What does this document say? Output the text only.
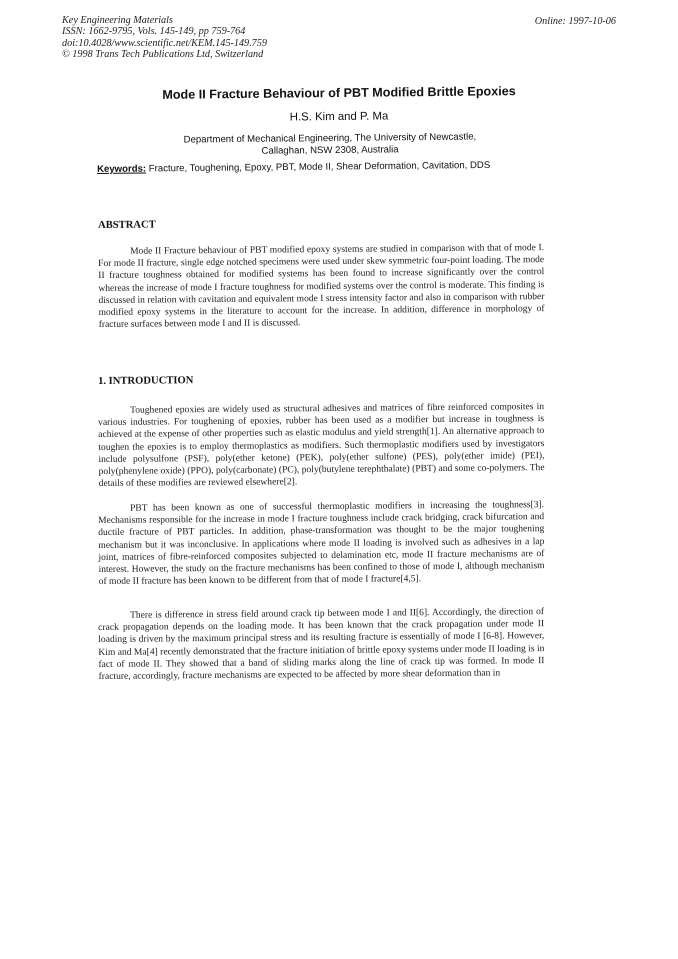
Key Engineering Materials
ISSN: 1662-9795, Vols. 145-149, pp 759-764
doi:10.4028/www.scientific.net/KEM.145-149.759
© 1998 Trans Tech Publications Ltd, Switzerland
Online: 1997-10-06
Mode II Fracture Behaviour of PBT Modified Brittle Epoxies
H.S. Kim and P. Ma
Department of Mechanical Engineering, The University of Newcastle,
Callaghan, NSW 2308, Australia
Keywords: Fracture, Toughening, Epoxy, PBT, Mode II, Shear Deformation, Cavitation, DDS
ABSTRACT

Mode II Fracture behaviour of PBT modified epoxy systems are studied in comparison with that of mode I. For mode II fracture, single edge notched specimens were used under skew symmetric four-point loading. The mode II fracture toughness obtained for modified systems has been found to increase significantly over the control whereas the increase of mode I fracture toughness for modified systems over the control is moderate. This finding is discussed in relation with cavitation and equivalent mode I stress intensity factor and also in comparison with rubber modified epoxy systems in the literature to account for the increase. In addition, difference in morphology of fracture surfaces between mode I and II is discussed.

1. INTRODUCTION

Toughened epoxies are widely used as structural adhesives and matrices of fibre reinforced composites in various industries. For toughening of epoxies, rubber has been used as a modifier but increase in toughness is achieved at the expense of other properties such as elastic modulus and yield strength[1]. An alternative approach to toughen the epoxies is to employ thermoplastics as modifiers. Such thermoplastic modifiers used by investigators include polysulfone (PSF), poly(ether ketone) (PEK), poly(ether sulfone) (PES), poly(ether imide) (PEI), poly(phenylene oxide) (PPO), poly(carbonate) (PC), poly(butylene terephthalate) (PBT) and some co-polymers. The details of these modifies are reviewed elsewhere[2].

PBT has been known as one of successful thermoplastic modifiers in increasing the toughness[3]. Mechanisms responsible for the increase in mode I fracture toughness include crack bridging, crack bifurcation and ductile fracture of PBT particles. In addition, phase-transformation was thought to be the major toughening mechanism but it was inconclusive. In applications where mode II loading is involved such as adhesives in a lap joint, matrices of fibre-reinforced composites subjected to delamination etc, mode II fracture mechanisms are of interest. However, the study on the fracture mechanisms has been confined to those of mode I, although mechanism of mode II fracture has been known to be different from that of mode I fracture[4,5].

There is difference in stress field around crack tip between mode I and II[6]. Accordingly, the direction of crack propagation depends on the loading mode. It has been known that the crack propagation under mode II loading is driven by the maximum principal stress and its resulting fracture is essentially of mode I [6-8]. However, Kim and Ma[4] recently demonstrated that the fracture initiation of brittle epoxy systems under mode II loading is in fact of mode II. They showed that a band of sliding marks along the line of crack tip was formed. In mode II fracture, accordingly, fracture mechanisms are expected to be affected by more shear deformation than in
